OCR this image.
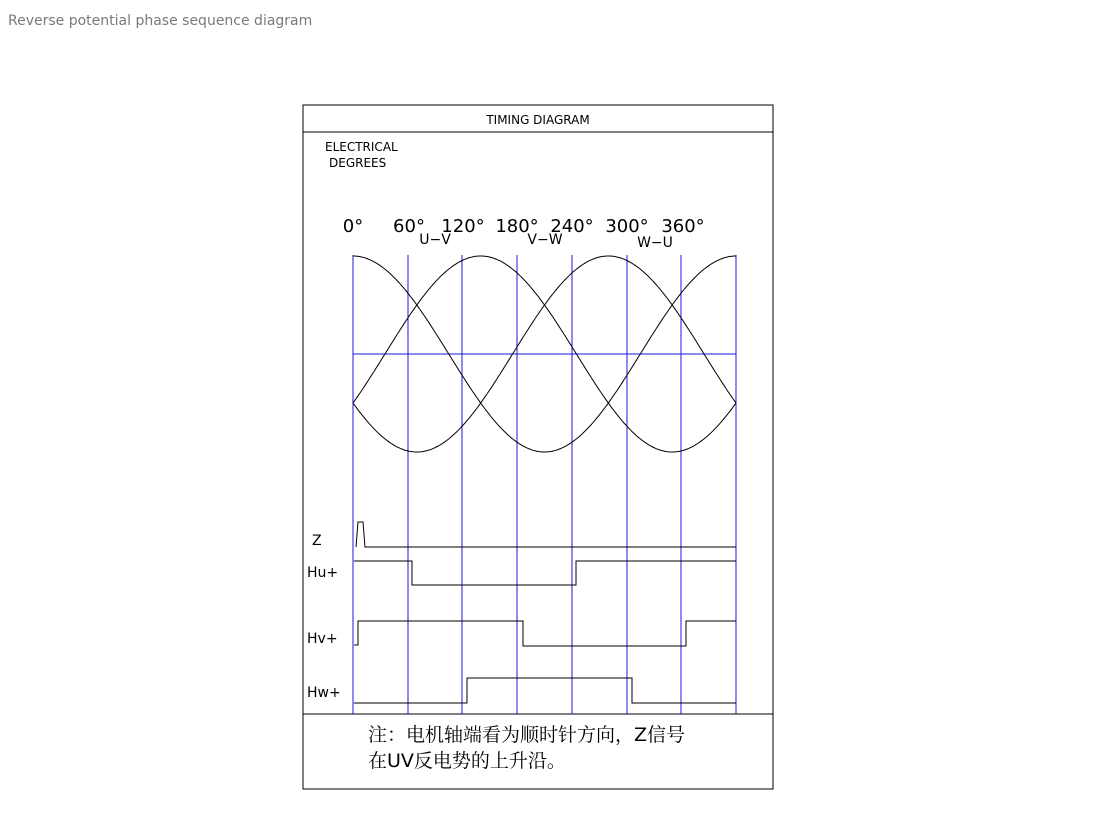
Reverse potential phase sequence diagram
TIMING DIAGRAM
ELECTRICAL
DEGREES
0° 60° 120° 180° 240° 300° 360°
U−V	V−W	W−U
Z
Hu+
Hv+
Hw+
注：电机轴端看为顺时针方向，Z信号
在UV反电势的上升沿。
